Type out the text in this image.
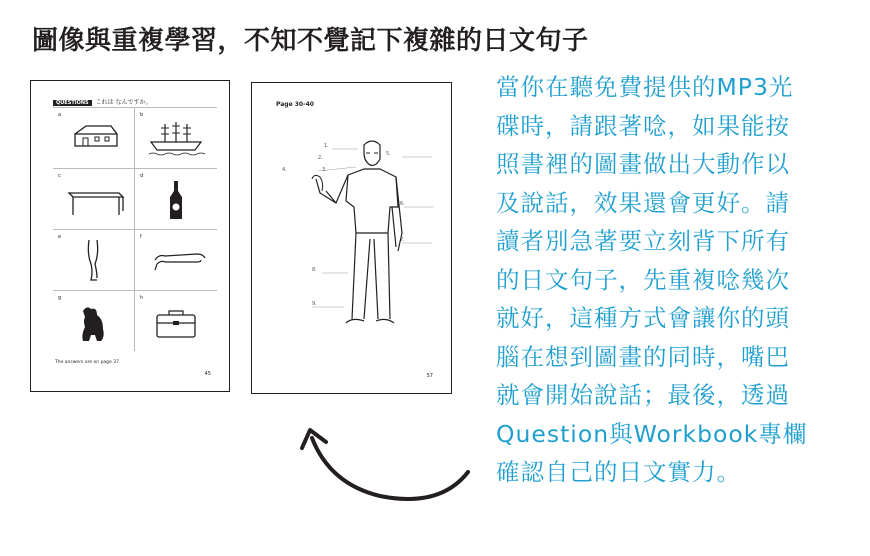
圖像與重複學習，不知不覺記下複雜的日文句子
QUESTIONS これは なんですか。
a	b
c	d
e	f
g	h
The answers are on page 37.
45
Page 30-40
1.
2.
3.
4.
5.
6.
7.
8.
9.
57
當你在聽免費提供的MP3光
碟時，請跟著唸，如果能按
照書裡的圖畫做出大動作以
及說話，效果還會更好。請
讀者別急著要立刻背下所有
的日文句子，先重複唸幾次
就好，這種方式會讓你的頭
腦在想到圖畫的同時，嘴巴
就會開始說話；最後，透過
Question與Workbook專欄
確認自己的日文實力。
